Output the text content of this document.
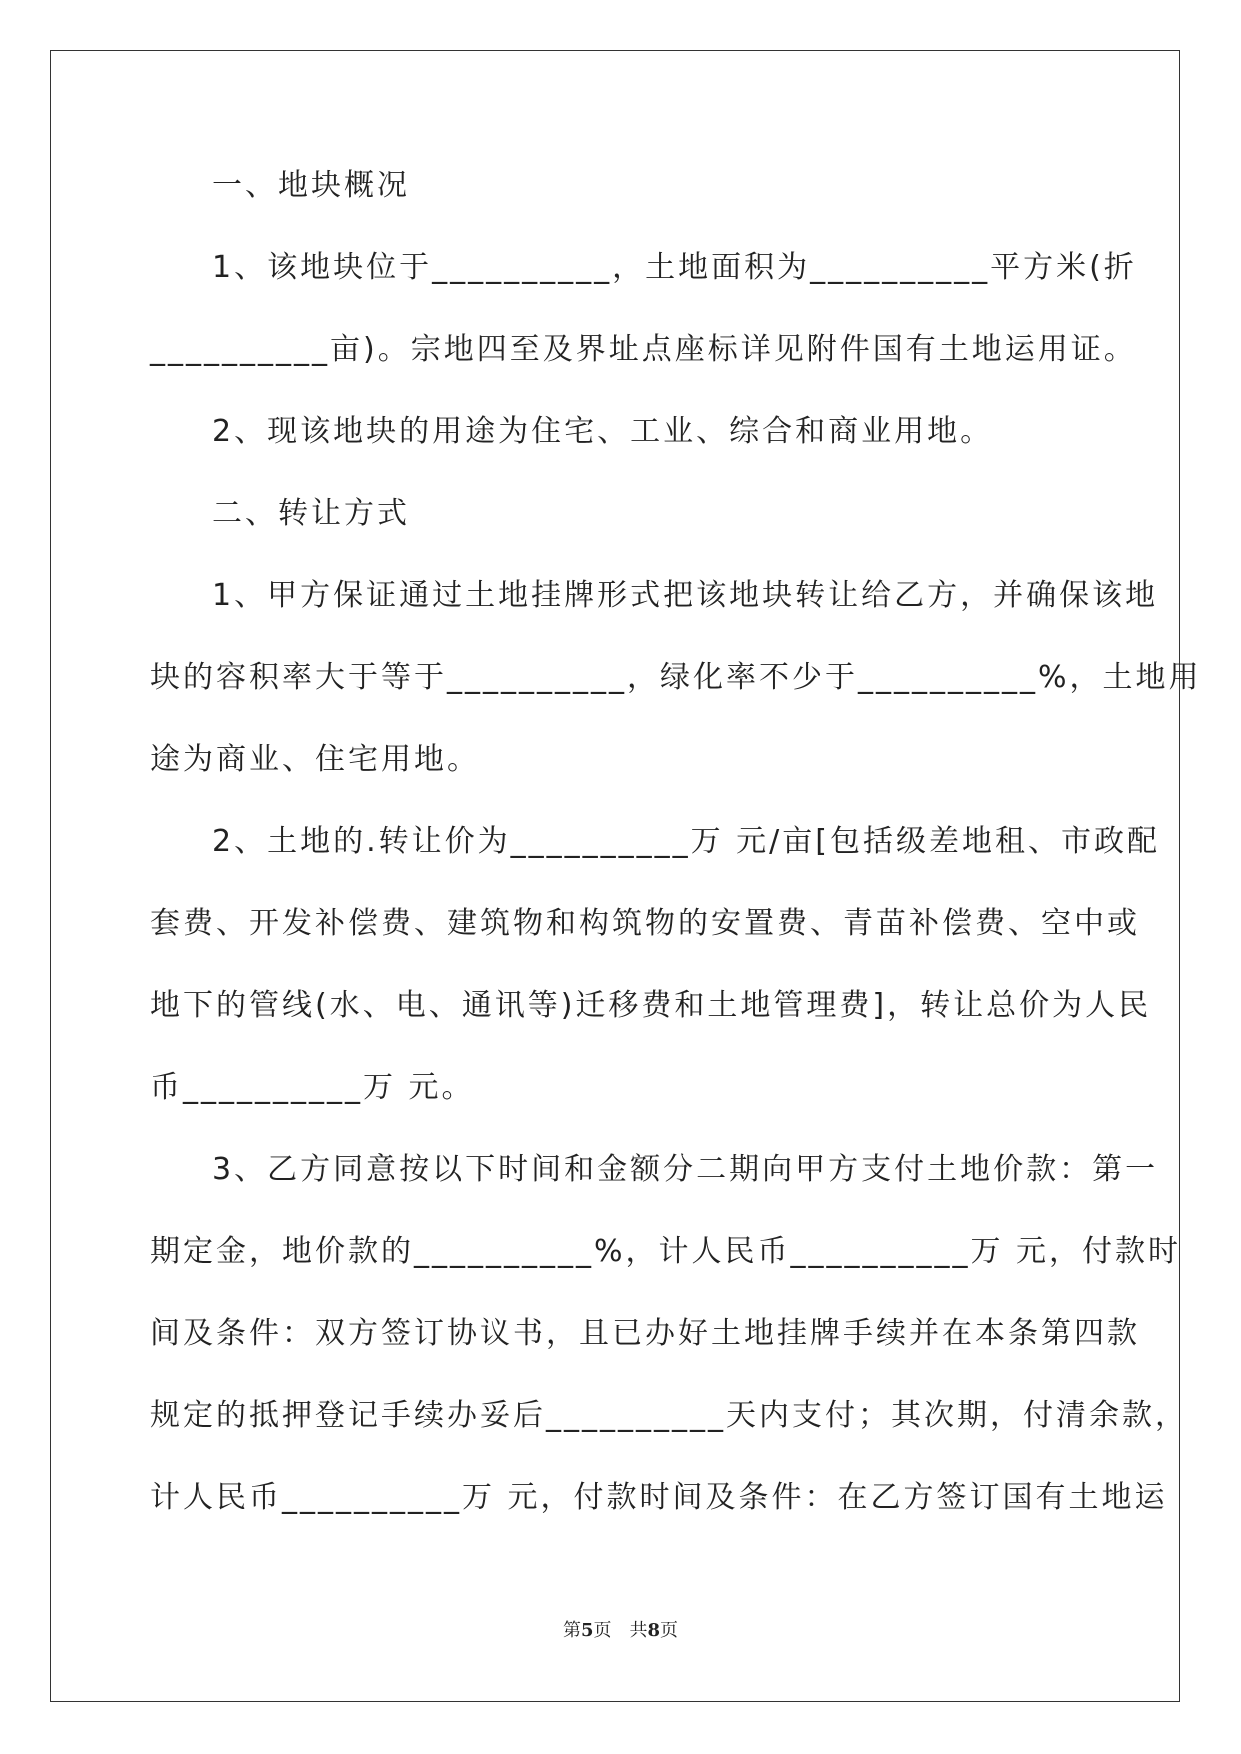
一、地块概况
1、该地块位于__________，土地面积为__________平方米(折
__________亩)。宗地四至及界址点座标详见附件国有土地运用证。
2、现该地块的用途为住宅、工业、综合和商业用地。
二、转让方式
1、甲方保证通过土地挂牌形式把该地块转让给乙方，并确保该地
块的容积率大于等于__________，绿化率不少于__________%，土地用
途为商业、住宅用地。
2、土地的.转让价为__________万 元/亩[包括级差地租、市政配
套费、开发补偿费、建筑物和构筑物的安置费、青苗补偿费、空中或
地下的管线(水、电、通讯等)迁移费和土地管理费]，转让总价为人民
币__________万 元。
3、乙方同意按以下时间和金额分二期向甲方支付土地价款：第一
期定金，地价款的__________%，计人民币__________万 元，付款时
间及条件：双方签订协议书，且已办好土地挂牌手续并在本条第四款
规定的抵押登记手续办妥后__________天内支付；其次期，付清余款，
计人民币__________万 元，付款时间及条件：在乙方签订国有土地运
第5页 共8页
